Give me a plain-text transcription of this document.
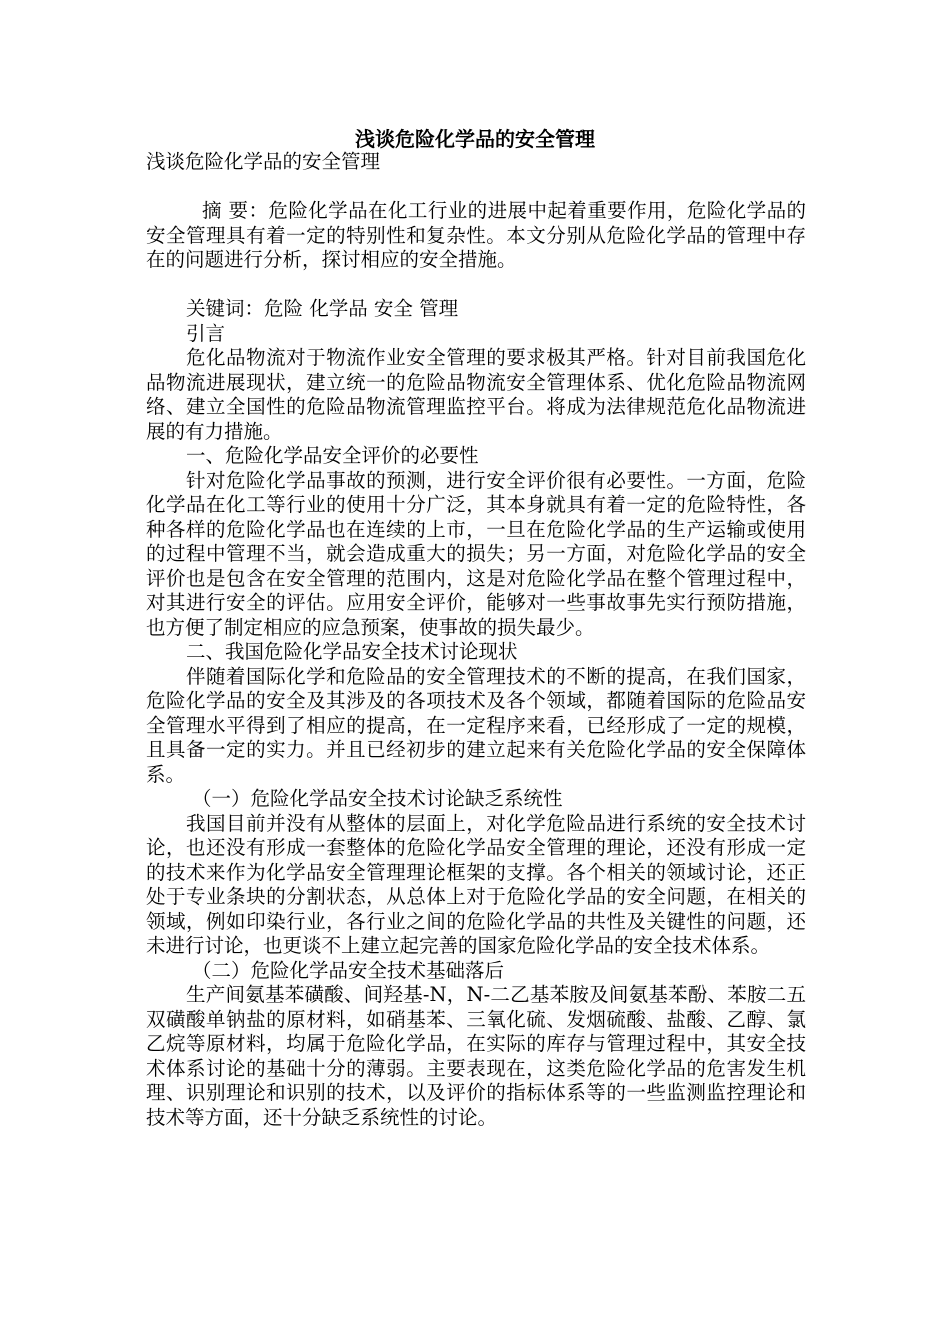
浅谈危险化学品的安全管理

浅谈危险化学品的安全管理

摘 要：危险化学品在化工行业的进展中起着重要作用，危险化学品的安全管理具有着一定的特别性和复杂性。本文分别从危险化学品的管理中存在的问题进行分析，探讨相应的安全措施。

关键词：危险 化学品 安全 管理

引言

危化品物流对于物流作业安全管理的要求极其严格。针对目前我国危化品物流进展现状，建立统一的危险品物流安全管理体系、优化危险品物流网络、建立全国性的危险品物流管理监控平台。将成为法律规范危化品物流进展的有力措施。

一、危险化学品安全评价的必要性

针对危险化学品事故的预测，进行安全评价很有必要性。一方面，危险化学品在化工等行业的使用十分广泛，其本身就具有着一定的危险特性，各种各样的危险化学品也在连续的上市，一旦在危险化学品的生产运输或使用的过程中管理不当，就会造成重大的损失；另一方面，对危险化学品的安全评价也是包含在安全管理的范围内，这是对危险化学品在整个管理过程中，对其进行安全的评估。应用安全评价，能够对一些事故事先实行预防措施，也方便了制定相应的应急预案，使事故的损失最少。

二、我国危险化学品安全技术讨论现状

伴随着国际化学和危险品的安全管理技术的不断的提高，在我们国家，危险化学品的安全及其涉及的各项技术及各个领域，都随着国际的危险品安全管理水平得到了相应的提高，在一定程序来看，已经形成了一定的规模，且具备一定的实力。并且已经初步的建立起来有关危险化学品的安全保障体系。

（一）危险化学品安全技术讨论缺乏系统性

我国目前并没有从整体的层面上，对化学危险品进行系统的安全技术讨论，也还没有形成一套整体的危险化学品安全管理的理论，还没有形成一定的技术来作为化学品安全管理理论框架的支撑。各个相关的领域讨论，还正处于专业条块的分割状态，从总体上对于危险化学品的安全问题，在相关的领域，例如印染行业，各行业之间的危险化学品的共性及关键性的问题，还未进行讨论，也更谈不上建立起完善的国家危险化学品的安全技术体系。

（二）危险化学品安全技术基础落后

生产间氨基苯磺酸、间羟基-N，N-二乙基苯胺及间氨基苯酚、苯胺二五双磺酸单钠盐的原材料，如硝基苯、三氧化硫、发烟硫酸、盐酸、乙醇、氯乙烷等原材料，均属于危险化学品，在实际的库存与管理过程中，其安全技术体系讨论的基础十分的薄弱。主要表现在，这类危险化学品的危害发生机理、识别理论和识别的技术，以及评价的指标体系等的一些监测监控理论和技术等方面，还十分缺乏系统性的讨论。
